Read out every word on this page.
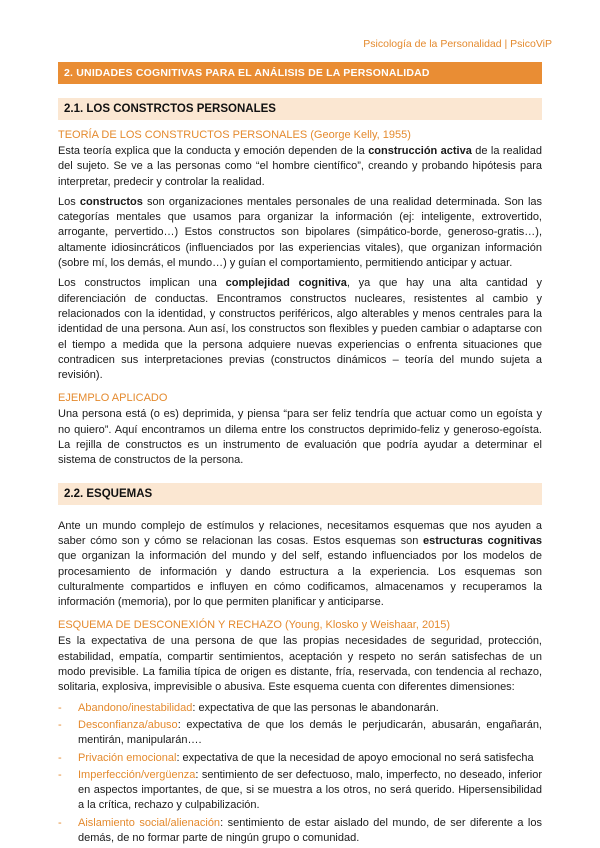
Psicología de la Personalidad | PsicoViP
2. UNIDADES COGNITIVAS PARA EL ANÁLISIS DE LA PERSONALIDAD
2.1. LOS CONSTRCTOS PERSONALES
TEORÍA DE LOS CONSTRUCTOS PERSONALES (George Kelly, 1955)

Esta teoría explica que la conducta y emoción dependen de la construcción activa de la realidad del sujeto. Se ve a las personas como “el hombre científico”, creando y probando hipótesis para interpretar, predecir y controlar la realidad.

Los constructos son organizaciones mentales personales de una realidad determinada. Son las categorías mentales que usamos para organizar la información (ej: inteligente, extrovertido, arrogante, pervertido…) Estos constructos son bipolares (simpático-borde, generoso-gratis…), altamente idiosincráticos (influenciados por las experiencias vitales), que organizan información (sobre mí, los demás, el mundo…) y guían el comportamiento, permitiendo anticipar y actuar.

Los constructos implican una complejidad cognitiva, ya que hay una alta cantidad y diferenciación de conductas. Encontramos constructos nucleares, resistentes al cambio y relacionados con la identidad, y constructos periféricos, algo alterables y menos centrales para la identidad de una persona. Aun así, los constructos son flexibles y pueden cambiar o adaptarse con el tiempo a medida que la persona adquiere nuevas experiencias o enfrenta situaciones que contradicen sus interpretaciones previas (constructos dinámicos – teoría del mundo sujeta a revisión).

EJEMPLO APLICADO

Una persona está (o es) deprimida, y piensa “para ser feliz tendría que actuar como un egoísta y no quiero”. Aquí encontramos un dilema entre los constructos deprimido-feliz y generoso-egoísta. La rejilla de constructos es un instrumento de evaluación que podría ayudar a determinar el sistema de constructos de la persona.

2.2. ESQUEMAS

Ante un mundo complejo de estímulos y relaciones, necesitamos esquemas que nos ayuden a saber cómo son y cómo se relacionan las cosas. Estos esquemas son estructuras cognitivas que organizan la información del mundo y del self, estando influenciados por los modelos de procesamiento de información y dando estructura a la experiencia. Los esquemas son culturalmente compartidos e influyen en cómo codificamos, almacenamos y recuperamos la información (memoria), por lo que permiten planificar y anticiparse.

ESQUEMA DE DESCONEXIÓN Y RECHAZO (Young, Klosko y Weishaar, 2015)

Es la expectativa de una persona de que las propias necesidades de seguridad, protección, estabilidad, empatía, compartir sentimientos, aceptación y respeto no serán satisfechas de un modo previsible. La familia típica de origen es distante, fría, reservada, con tendencia al rechazo, solitaria, explosiva, imprevisible o abusiva. Este esquema cuenta con diferentes dimensiones:

- Abandono/inestabilidad: expectativa de que las personas le abandonarán.
- Desconfianza/abuso: expectativa de que los demás le perjudicarán, abusarán, engañarán, mentirán, manipularán….
- Privación emocional: expectativa de que la necesidad de apoyo emocional no será satisfecha
- Imperfección/vergüenza: sentimiento de ser defectuoso, malo, imperfecto, no deseado, inferior en aspectos importantes, de que, si se muestra a los otros, no será querido. Hipersensibilidad a la crítica, rechazo y culpabilización.
- Aislamiento social/alienación: sentimiento de estar aislado del mundo, de ser diferente a los demás, de no formar parte de ningún grupo o comunidad.
